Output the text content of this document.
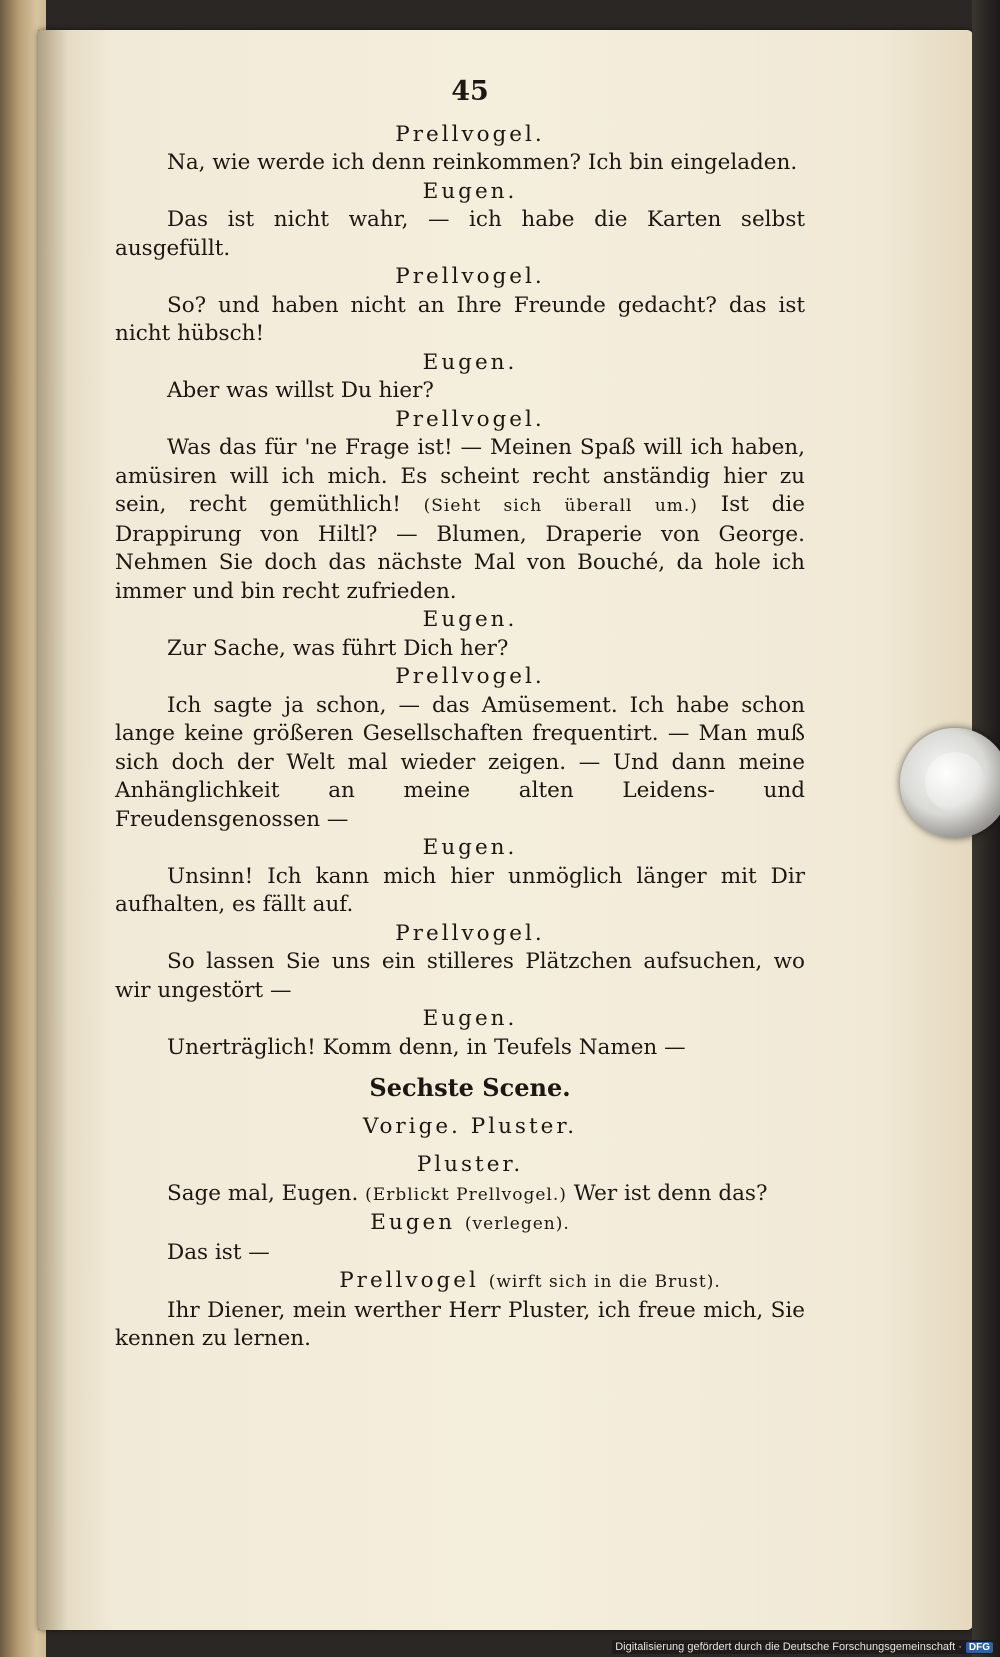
45
Prellvogel.
Na, wie werde ich denn reinkommen? Ich bin eingeladen.
Eugen.
Das ist nicht wahr, — ich habe die Karten selbst ausgefüllt.
Prellvogel.
So? und haben nicht an Ihre Freunde gedacht? das ist nicht hübsch!
Eugen.
Aber was willst Du hier?
Prellvogel.
Was das für 'ne Frage ist! — Meinen Spaß will ich haben, amüsiren will ich mich. Es scheint recht anständig hier zu sein, recht gemüthlich! (Sieht sich überall um.) Ist die Drappirung von Hiltl? — Blumen, Draperie von George. Nehmen Sie doch das nächste Mal von Bouché, da hole ich immer und bin recht zufrieden.
Eugen.
Zur Sache, was führt Dich her?
Prellvogel.
Ich sagte ja schon, — das Amüsement. Ich habe schon lange keine größeren Gesellschaften frequentirt. — Man muß sich doch der Welt mal wieder zeigen. — Und dann meine Anhänglichkeit an meine alten Leidens- und Freudensgenossen —
Eugen.
Unsinn! Ich kann mich hier unmöglich länger mit Dir aufhalten, es fällt auf.
Prellvogel.
So lassen Sie uns ein stilleres Plätzchen aufsuchen, wo wir ungestört —
Eugen.
Unerträglich! Komm denn, in Teufels Namen —
Sechste Scene.
Vorige. Pluster.
Pluster.
Sage mal, Eugen. (Erblickt Prellvogel.) Wer ist denn das?
Eugen (verlegen).
Das ist —
Prellvogel (wirft sich in die Brust).
Ihr Diener, mein werther Herr Pluster, ich freue mich, Sie kennen zu lernen.
Digitalisierung gefördert durch die Deutsche Forschungsgemeinschaft · DFG
